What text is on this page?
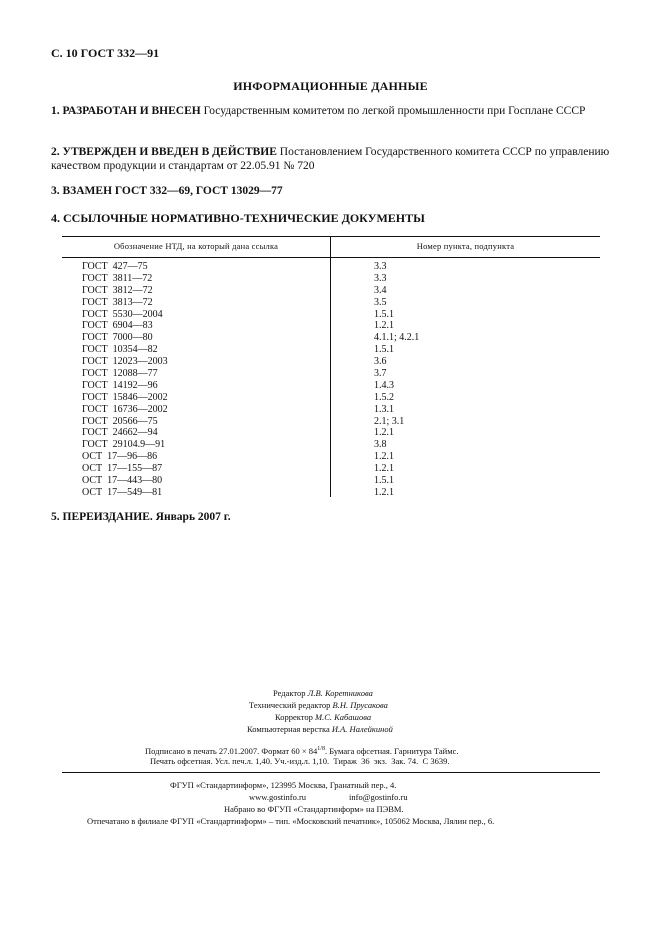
С. 10 ГОСТ 332—91
ИНФОРМАЦИОННЫЕ ДАННЫЕ
1. РАЗРАБОТАН И ВНЕСЕН Государственным комитетом по легкой промышленности при Госплане СССР
2. УТВЕРЖДЕН И ВВЕДЕН В ДЕЙСТВИЕ Постановлением Государственного комитета СССР по управлению качеством продукции и стандартам от 22.05.91 № 720
3. ВЗАМЕН ГОСТ 332—69, ГОСТ 13029—77
4. ССЫЛОЧНЫЕ НОРМАТИВНО-ТЕХНИЧЕСКИЕ ДОКУМЕНТЫ
Обозначение НТД, на который дана ссылка	Номер пункта, подпункта
ГОСТ  427—75	3.3
ГОСТ  3811—72	3.3
ГОСТ  3812—72	3.4
ГОСТ  3813—72	3.5
ГОСТ  5530—2004	1.5.1
ГОСТ  6904—83	1.2.1
ГОСТ  7000—80	4.1.1; 4.2.1
ГОСТ  10354—82	1.5.1
ГОСТ  12023—2003	3.6
ГОСТ  12088—77	3.7
ГОСТ  14192—96	1.4.3
ГОСТ  15846—2002	1.5.2
ГОСТ  16736—2002	1.3.1
ГОСТ  20566—75	2.1; 3.1
ГОСТ  24662—94	1.2.1
ГОСТ  29104.9—91	3.8
ОСТ  17—96—86	1.2.1
ОСТ  17—155—87	1.2.1
ОСТ  17—443—80	1.5.1
ОСТ  17—549—81	1.2.1
5. ПЕРЕИЗДАНИЕ. Январь 2007 г.
Редактор Л.В. Коретникова
Технический редактор В.Н. Прусакова
Корректор М.С. Кабашова
Компьютерная верстка И.А. Налейкиной
Подписано в печать 27.01.2007. Формат $60 \times 84^{1/8}$. Бумага офсетная. Гарнитура Таймс.
Печать офсетная. Усл. печ.л. 1,40. Уч.-изд.л. 1,10.  Тираж  36  экз.  Зак. 74.  С 3639.
ФГУП «Стандартинформ», 123995 Москва, Гранатный пер., 4.
www.gostinfo.ru	info@gostinfo.ru
Набрано во ФГУП «Стандартинформ» на ПЭВМ.
Отпечатано в филиале ФГУП «Стандартинформ» – тип. «Московский печатник», 105062 Москва, Лялин пер., 6.
